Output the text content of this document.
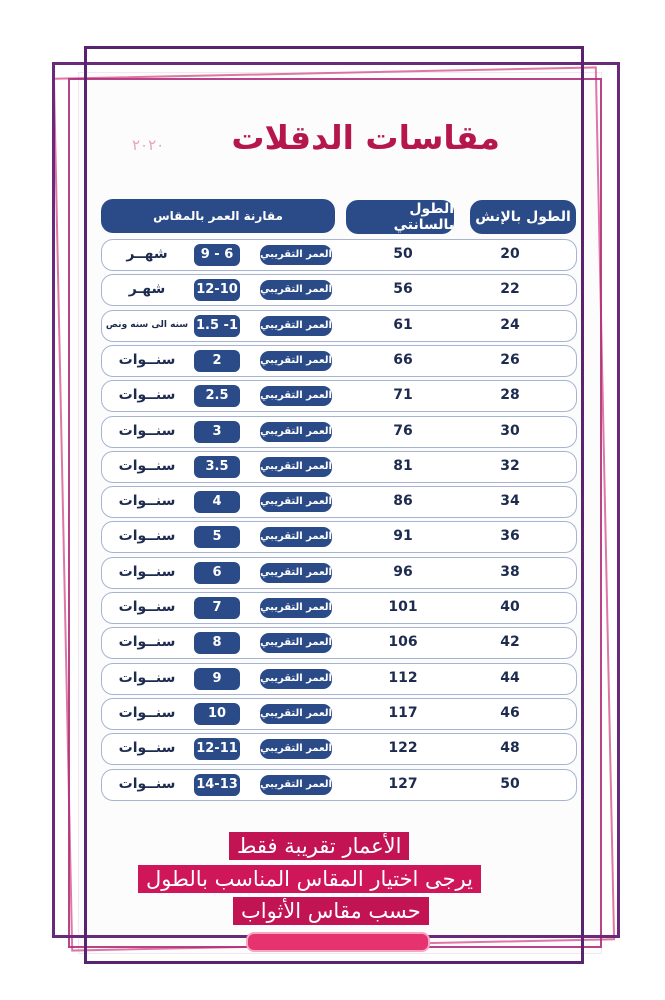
٢٠٢٠	مقاسات الدقلات
الطول بالإنش
الطول بالسانتي
مقارنة العمر بالمقاس
20
50
العمر التقريبي
9 - 6
شهــر
22
56
العمر التقريبي
12-10
شهـر
24
61
العمر التقريبي
1.5 -1
سنه الى سنه ونص
26
66
العمر التقريبي
2
سنــوات
28
71
العمر التقريبي
2.5
سنــوات
30
76
العمر التقريبي
3
سنــوات
32
81
العمر التقريبي
3.5
سنــوات
34
86
العمر التقريبي
4
سنــوات
36
91
العمر التقريبي
5
سنــوات
38
96
العمر التقريبي
6
سنــوات
40
101
العمر التقريبي
7
سنــوات
42
106
العمر التقريبي
8
سنــوات
44
112
العمر التقريبي
9
سنــوات
46
117
العمر التقريبي
10
سنــوات
48
122
العمر التقريبي
12-11
سنــوات
50
127
العمر التقريبي
14-13
سنــوات
الأعمار تقريبة فقط
يرجى اختيار المقاس المناسب بالطول
حسب مقاس الأثواب
